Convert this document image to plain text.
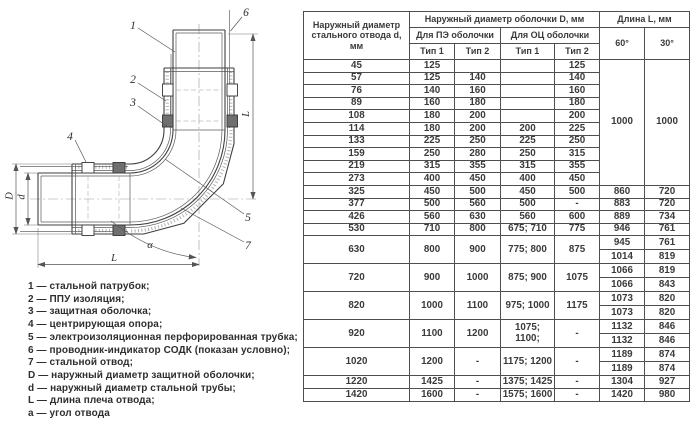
L
L
D d
α
1
2
3
4
5
6
7
1 — стальной патрубок;
2 — ППУ изоляция;
3 — защитная оболочка;
4 — центрирующая опора;
5 — электроизоляционная перфорированная трубка;
6 — проводник-индикатор СОДК (показан условно);
7 — стальной отвод;
D — наружный диаметр защитной оболочки;
d — наружный диаметр стальной трубы;
L — длина плеча отвода;
a — угол отвода
Наружный диаметр стального отвода d, мм	Наружный диаметр оболочки D, мм				Длина L, мм	
	Для ПЭ оболочки		Для ОЦ оболочки		60°	30°
	Тип 1	Тип 2	Тип 1	Тип 2		
45	125			125	1000	1000
57	125	140		140		
76	140	160		160		
89	160	180		180		
108	180	200		200		
114	180	200	200	225		
133	225	250	225	250		
159	250	280	250	315		
219	315	355	315	355		
273	400	450	400	450		
325	450	500	450	500	860	720
377	500	560	500	-	883	720
426	560	630	560	600	889	734
530	710	800	675; 710	775	946	761
630	800	900	775; 800	875	945	761
					1014	819
720	900	1000	875; 900	1075	1066	819
					1066	843
820	1000	1100	975; 1000	1175	1073	820
					1073	820
920	1100	1200	1075; 1100;	-	1132	846
					1132	846
1020	1200	-	1175; 1200	-	1189	874
					1189	874
1220	1425	-	1375; 1425	-	1304	927
1420	1600	-	1575; 1600	-	1420	980
